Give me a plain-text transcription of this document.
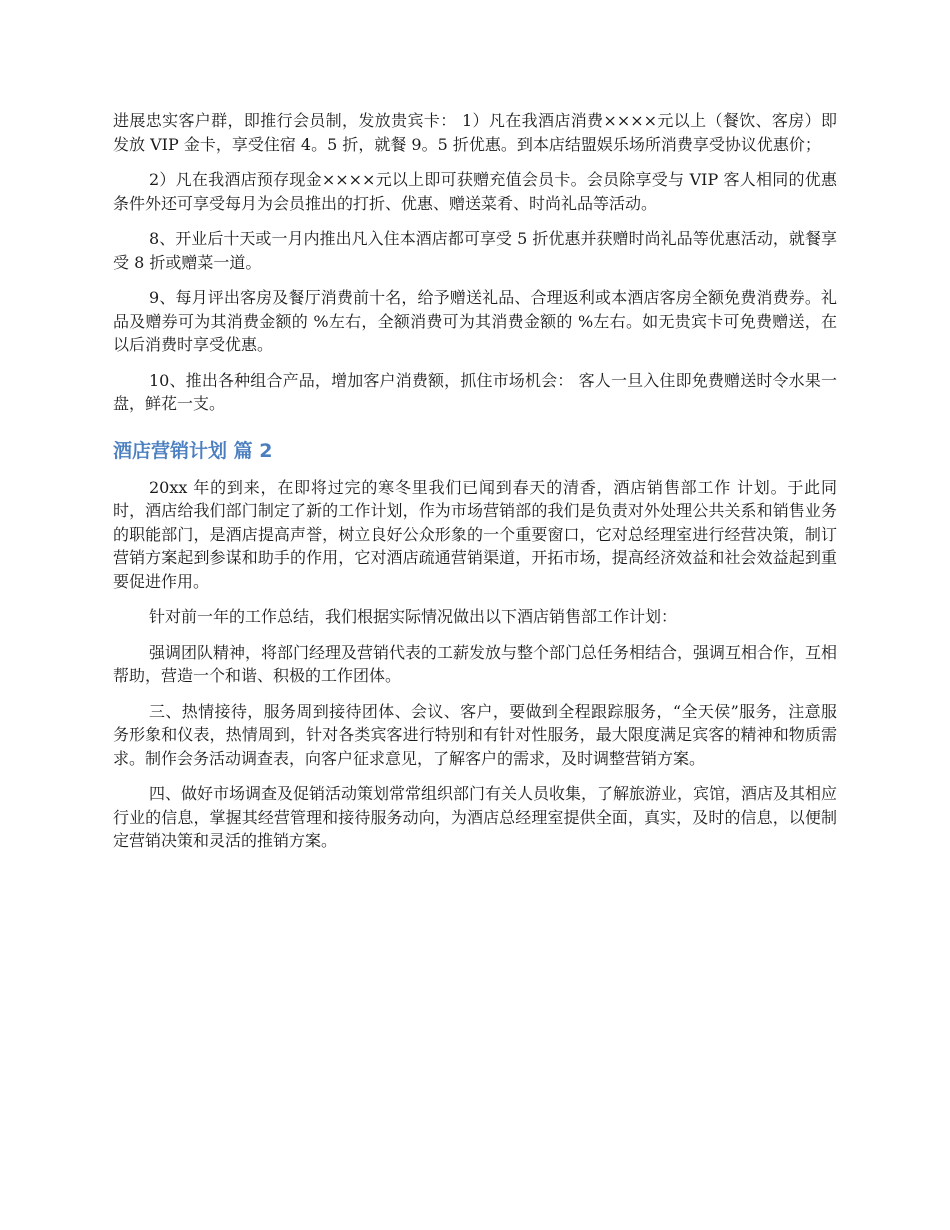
进展忠实客户群，即推行会员制，发放贵宾卡： 1）凡在我酒店消费××××元以上（餐饮、客房）即发放 VIP 金卡，享受住宿 4。5 折，就餐 9。5 折优惠。到本店结盟娱乐场所消费享受协议优惠价；

2）凡在我酒店预存现金××××元以上即可获赠充值会员卡。会员除享受与 VIP 客人相同的优惠条件外还可享受每月为会员推出的打折、优惠、赠送菜肴、时尚礼品等活动。

8、开业后十天或一月内推出凡入住本酒店都可享受 5 折优惠并获赠时尚礼品等优惠活动，就餐享受 8 折或赠菜一道。

9、每月评出客房及餐厅消费前十名，给予赠送礼品、合理返利或本酒店客房全额免费消费券。礼品及赠券可为其消费金额的 %左右，全额消费可为其消费金额的 %左右。如无贵宾卡可免费赠送，在以后消费时享受优惠。

10、推出各种组合产品，增加客户消费额，抓住市场机会： 客人一旦入住即免费赠送时令水果一盘，鲜花一支。

酒店营销计划 篇 2

20xx 年的到来，在即将过完的寒冬里我们已闻到春天的清香，酒店销售部工作 计划。于此同时，酒店给我们部门制定了新的工作计划，作为市场营销部的我们是负责对外处理公共关系和销售业务的职能部门，是酒店提高声誉，树立良好公众形象的一个重要窗口，它对总经理室进行经营决策，制订营销方案起到参谋和助手的作用，它对酒店疏通营销渠道，开拓市场，提高经济效益和社会效益起到重要促进作用。

针对前一年的工作总结，我们根据实际情况做出以下酒店销售部工作计划：

强调团队精神，将部门经理及营销代表的工薪发放与整个部门总任务相结合，强调互相合作，互相帮助，营造一个和谐、积极的工作团体。

三、热情接待，服务周到接待团体、会议、客户，要做到全程跟踪服务，“全天侯”服务，注意服务形象和仪表，热情周到，针对各类宾客进行特别和有针对性服务，最大限度满足宾客的精神和物质需求。制作会务活动调查表，向客户征求意见，了解客户的需求，及时调整营销方案。

四、做好市场调查及促销活动策划常常组织部门有关人员收集，了解旅游业，宾馆，酒店及其相应行业的信息，掌握其经营管理和接待服务动向，为酒店总经理室提供全面，真实，及时的信息，以便制定营销决策和灵活的推销方案。
